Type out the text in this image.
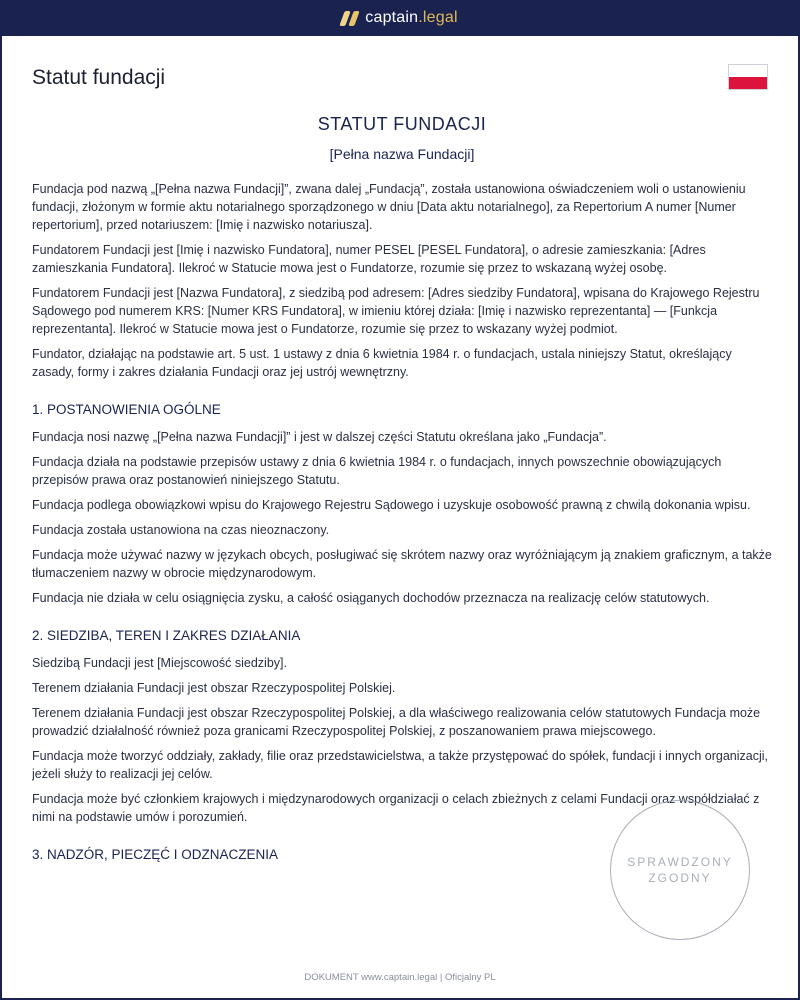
captain.legal
Statut fundacji
STATUT FUNDACJI
[Pełna nazwa Fundacji]

Fundacja pod nazwą „[Pełna nazwa Fundacji]”, zwana dalej „Fundacją”, została ustanowiona oświadczeniem woli o ustanowieniu fundacji, złożonym w formie aktu notarialnego sporządzonego w dniu [Data aktu notarialnego], za Repertorium A numer [Numer repertorium], przed notariuszem: [Imię i nazwisko notariusza].

Fundatorem Fundacji jest [Imię i nazwisko Fundatora], numer PESEL [PESEL Fundatora], o adresie zamieszkania: [Adres zamieszkania Fundatora]. Ilekroć w Statucie mowa jest o Fundatorze, rozumie się przez to wskazaną wyżej osobę.

Fundatorem Fundacji jest [Nazwa Fundatora], z siedzibą pod adresem: [Adres siedziby Fundatora], wpisana do Krajowego Rejestru Sądowego pod numerem KRS: [Numer KRS Fundatora], w imieniu której działa: [Imię i nazwisko reprezentanta] — [Funkcja reprezentanta]. Ilekroć w Statucie mowa jest o Fundatorze, rozumie się przez to wskazany wyżej podmiot.

Fundator, działając na podstawie art. 5 ust. 1 ustawy z dnia 6 kwietnia 1984 r. o fundacjach, ustala niniejszy Statut, określający zasady, formy i zakres działania Fundacji oraz jej ustrój wewnętrzny.

1. POSTANOWIENIA OGÓLNE

Fundacja nosi nazwę „[Pełna nazwa Fundacji]” i jest w dalszej części Statutu określana jako „Fundacja”.

Fundacja działa na podstawie przepisów ustawy z dnia 6 kwietnia 1984 r. o fundacjach, innych powszechnie obowiązujących przepisów prawa oraz postanowień niniejszego Statutu.

Fundacja podlega obowiązkowi wpisu do Krajowego Rejestru Sądowego i uzyskuje osobowość prawną z chwilą dokonania wpisu.

Fundacja została ustanowiona na czas nieoznaczony.

Fundacja może używać nazwy w językach obcych, posługiwać się skrótem nazwy oraz wyróżniającym ją znakiem graficznym, a także tłumaczeniem nazwy w obrocie międzynarodowym.

Fundacja nie działa w celu osiągnięcia zysku, a całość osiąganych dochodów przeznacza na realizację celów statutowych.

2. SIEDZIBA, TEREN I ZAKRES DZIAŁANIA

Siedzibą Fundacji jest [Miejscowość siedziby].

Terenem działania Fundacji jest obszar Rzeczypospolitej Polskiej.

Terenem działania Fundacji jest obszar Rzeczypospolitej Polskiej, a dla właściwego realizowania celów statutowych Fundacja może prowadzić działalność również poza granicami Rzeczypospolitej Polskiej, z poszanowaniem prawa miejscowego.

Fundacja może tworzyć oddziały, zakłady, filie oraz przedstawicielstwa, a także przystępować do spółek, fundacji i innych organizacji, jeżeli służy to realizacji jej celów.

Fundacja może być członkiem krajowych i międzynarodowych organizacji o celach zbieżnych z celami Fundacji oraz współdziałać z nimi na podstawie umów i porozumień.

3. NADZÓR, PIECZĘĆ I ODZNACZENIA	SPRAWDZONY
ZGODNY
DOKUMENT www.captain.legal | Oficjalny PL
